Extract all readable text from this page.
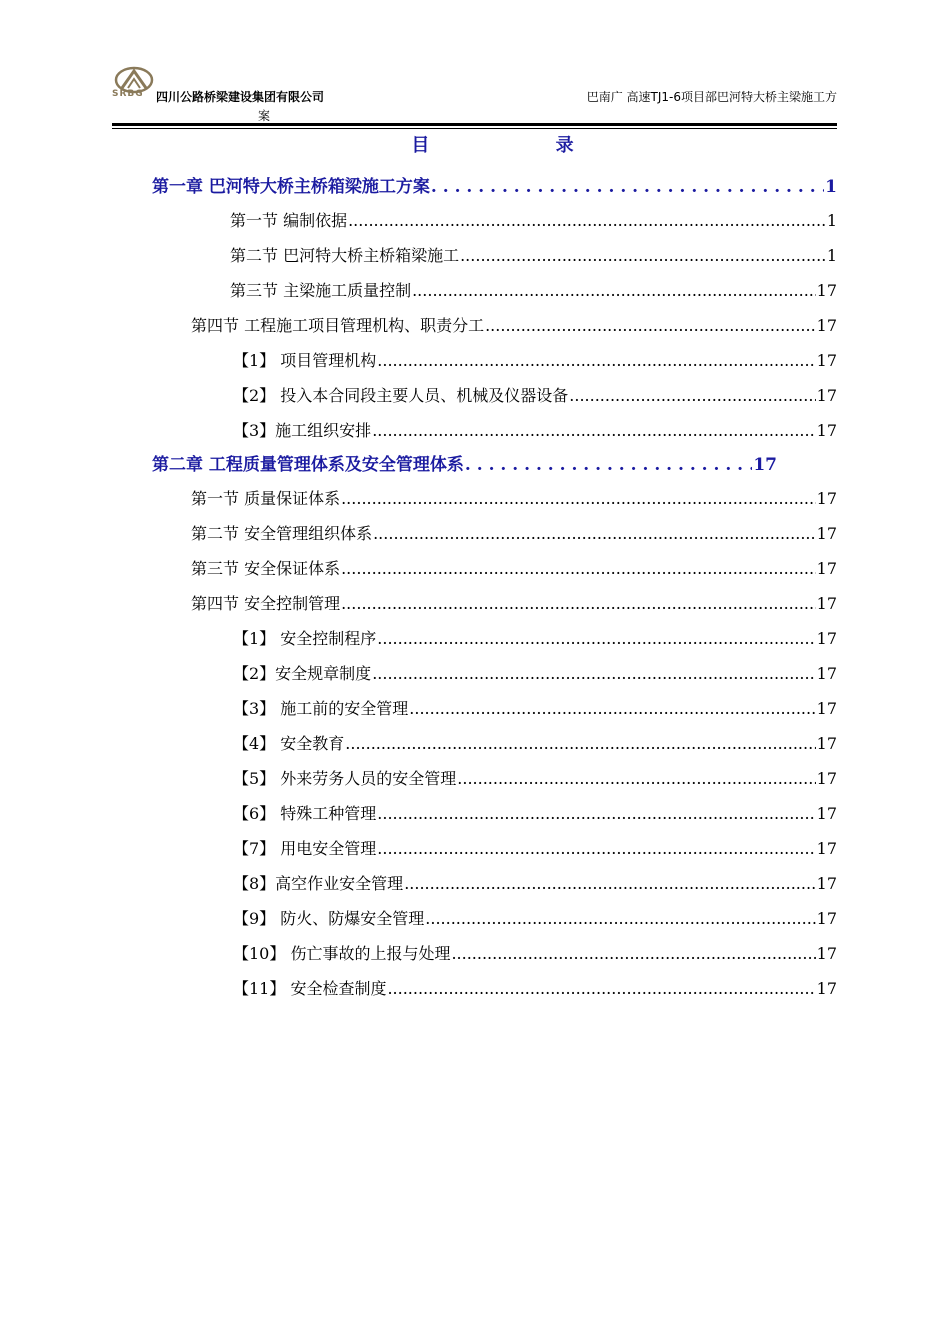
SRBG 四川公路桥梁建设集团有限公司	巴南广 高速TJ1-6项目部巴河特大桥主梁施工方
案
目 录
第一章 巴河特大桥主桥箱梁施工方案 . . .	1
第一节 编制依据 .....	1
第二节 巴河特大桥主桥箱梁施工 .....	1
第三节 主梁施工质量控制 .....	17
第四节 工程施工项目管理机构、职责分工 .....	17
【1】 项目管理机构 .....	17
【2】 投入本合同段主要人员、机械及仪器设备 .....	17
【3】施工组织安排 .....	17
第二章 工程质量管理体系及安全管理体系 . . .	17
第一节 质量保证体系 .....	17
第二节 安全管理组织体系 .....	17
第三节 安全保证体系 .....	17
第四节 安全控制管理 .....	17
【1】 安全控制程序 .....	17
【2】安全规章制度 .....	17
【3】 施工前的安全管理 .....	17
【4】 安全教育 .....	17
【5】 外来劳务人员的安全管理 .....	17
【6】 特殊工种管理 .....	17
【7】 用电安全管理 .....	17
【8】高空作业安全管理 .....	17
【9】 防火、防爆安全管理 .....	17
【10】 伤亡事故的上报与处理 .....	17
【11】 安全检查制度 .....	17
